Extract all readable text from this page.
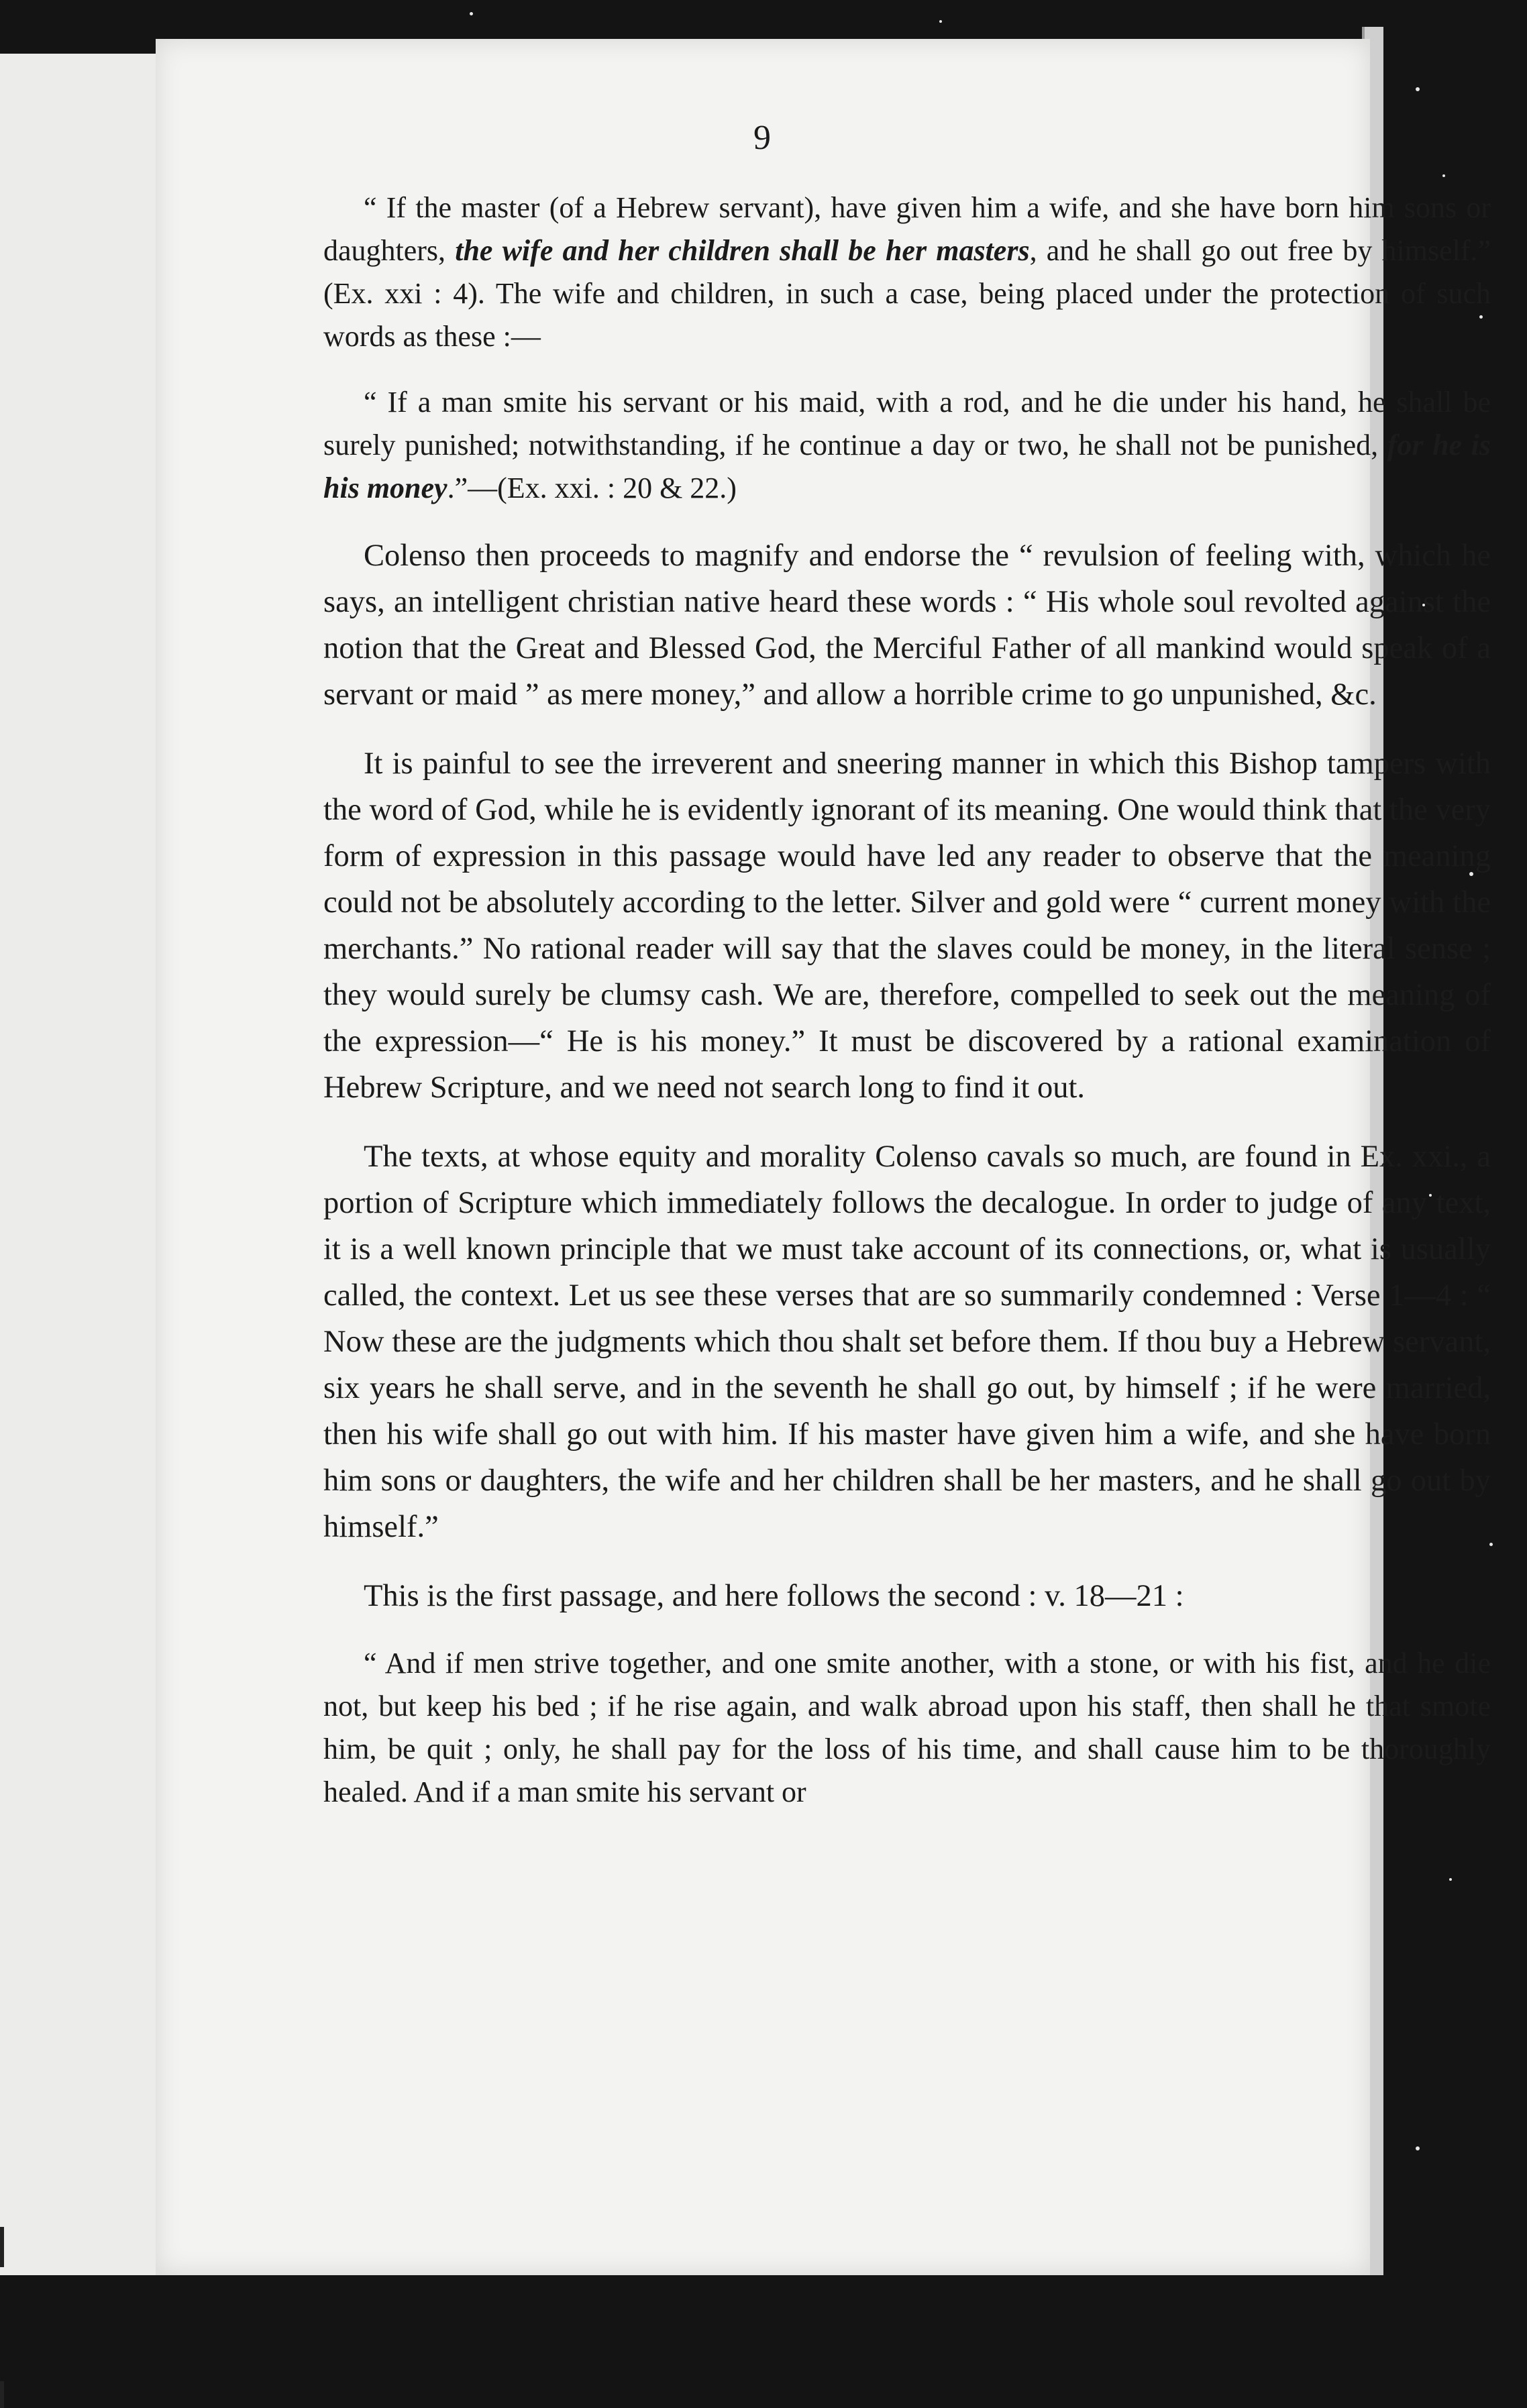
9

“ If the master (of a Hebrew servant), have given him a wife, and she have born him sons or daughters, the wife and her children shall be her masters, and he shall go out free by himself.” (Ex. xxi : 4). The wife and children, in such a case, being placed under the protection of such words as these :—

“ If a man smite his servant or his maid, with a rod, and he die under his hand, he shall be surely punished; notwithstanding, if he continue a day or two, he shall not be punished, for he is his money.”—(Ex. xxi. : 20 & 22.)

Colenso then proceeds to magnify and endorse the “ revulsion of feeling with, which he says, an intelligent christian native heard these words : “ His whole soul revolted against the notion that the Great and Blessed God, the Merciful Father of all mankind would speak of a servant or maid ” as mere money,” and allow a horrible crime to go unpunished, &c.

It is painful to see the irreverent and sneering manner in which this Bishop tampers with the word of God, while he is evidently ignorant of its meaning. One would think that the very form of expression in this passage would have led any reader to observe that the meaning could not be absolutely according to the letter. Silver and gold were “ current money with the merchants.” No rational reader will say that the slaves could be money, in the literal sense ; they would surely be clumsy cash. We are, therefore, compelled to seek out the meaning of the expression—“ He is his money.” It must be discovered by a rational examination of Hebrew Scripture, and we need not search long to find it out.

The texts, at whose equity and morality Colenso cavals so much, are found in Ex. xxi., a portion of Scripture which immediately follows the decalogue. In order to judge of any text, it is a well known principle that we must take account of its connections, or, what is usually called, the context. Let us see these verses that are so summarily condemned : Verse 1—4 : “ Now these are the judgments which thou shalt set before them. If thou buy a Hebrew servant, six years he shall serve, and in the seventh he shall go out, by himself ; if he were married, then his wife shall go out with him. If his master have given him a wife, and she have born him sons or daughters, the wife and her children shall be her masters, and he shall go out by himself.”

This is the first passage, and here follows the second : v. 18—21 :

“ And if men strive together, and one smite another, with a stone, or with his fist, and he die not, but keep his bed ; if he rise again, and walk abroad upon his staff, then shall he that smote him, be quit ; only, he shall pay for the loss of his time, and shall cause him to be thoroughly healed. And if a man smite his servant or
